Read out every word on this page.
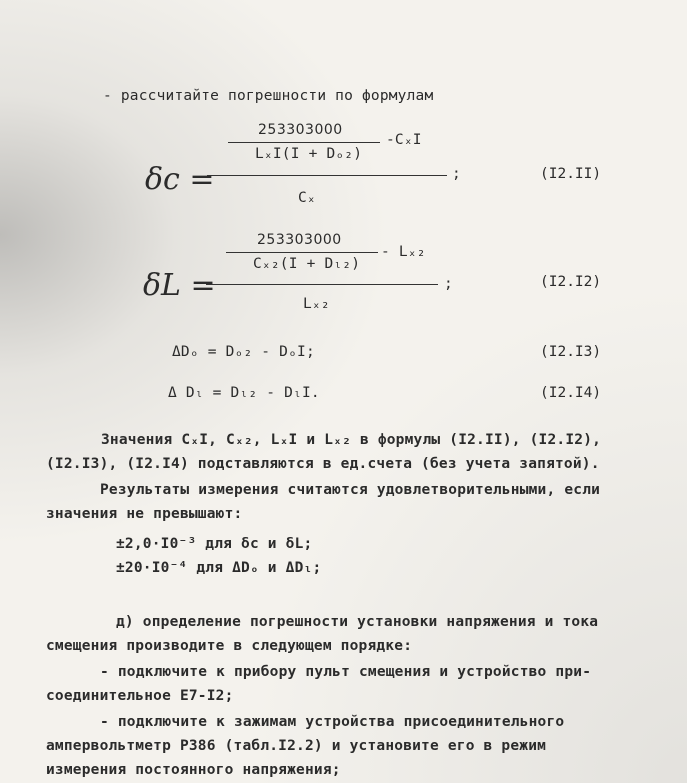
- рассчитайте погрешности по формулам
253303000
LₓI(I + Dₒ₂)
-CₓI
δc =	;
Cₓ
(I2.II)
253303000
Cₓ₂(I + Dₗ₂)
- Lₓ₂
δL =	;
Lₓ₂
(I2.I2)
ΔDₒ = Dₒ₂ - DₒI;	(I2.I3)
Δ Dₗ = Dₗ₂ - DₗI.	(I2.I4)
Значения CₓI, Cₓ₂, LₓI и Lₓ₂ в формулы (I2.II), (I2.I2),
(I2.I3), (I2.I4) подставляются в ед.счета (без учета запятой).
Результаты измерения считаются удовлетворительными, если
значения не превышают:
±2,0·I0⁻³ для δc и δL;
±20·I0⁻⁴ для ΔDₒ и ΔDₗ;
д) определение погрешности установки напряжения и тока
смещения производите в следующем порядке:
- подключите к прибору пульт смещения и устройство при-
соединительное Е7-I2;
- подключите к зажимам устройства присоединительного
ампервольтметр Р386 (табл.I2.2) и установите его в режим
измерения постоянного напряжения;
